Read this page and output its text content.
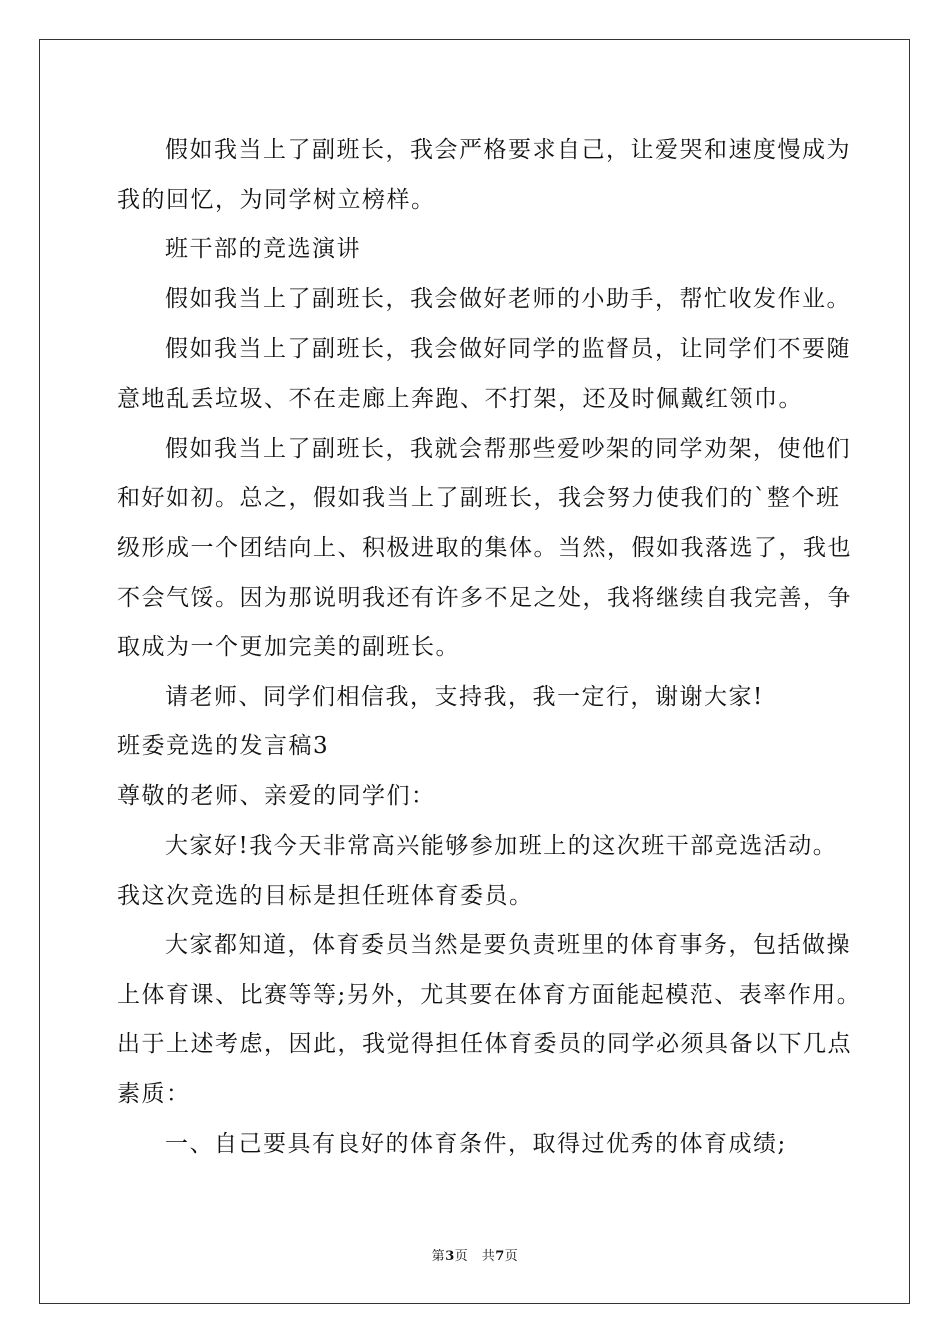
假如我当上了副班长，我会严格要求自己，让爱哭和速度慢成为
我的回忆，为同学树立榜样。
班干部的竞选演讲
假如我当上了副班长，我会做好老师的小助手，帮忙收发作业。
假如我当上了副班长，我会做好同学的监督员，让同学们不要随
意地乱丢垃圾、不在走廊上奔跑、不打架，还及时佩戴红领巾。
假如我当上了副班长，我就会帮那些爱吵架的同学劝架，使他们
和好如初。总之，假如我当上了副班长，我会努力使我们的`整个班
级形成一个团结向上、积极进取的集体。当然，假如我落选了，我也
不会气馁。因为那说明我还有许多不足之处，我将继续自我完善，争
取成为一个更加完美的副班长。
请老师、同学们相信我，支持我，我一定行，谢谢大家!
班委竞选的发言稿3
尊敬的老师、亲爱的同学们：
大家好!我今天非常高兴能够参加班上的这次班干部竞选活动。
我这次竞选的目标是担任班体育委员。
大家都知道，体育委员当然是要负责班里的体育事务，包括做操
上体育课、比赛等等;另外，尤其要在体育方面能起模范、表率作用。
出于上述考虑，因此，我觉得担任体育委员的同学必须具备以下几点
素质：
一、自己要具有良好的体育条件，取得过优秀的体育成绩;
第3页　共7页
